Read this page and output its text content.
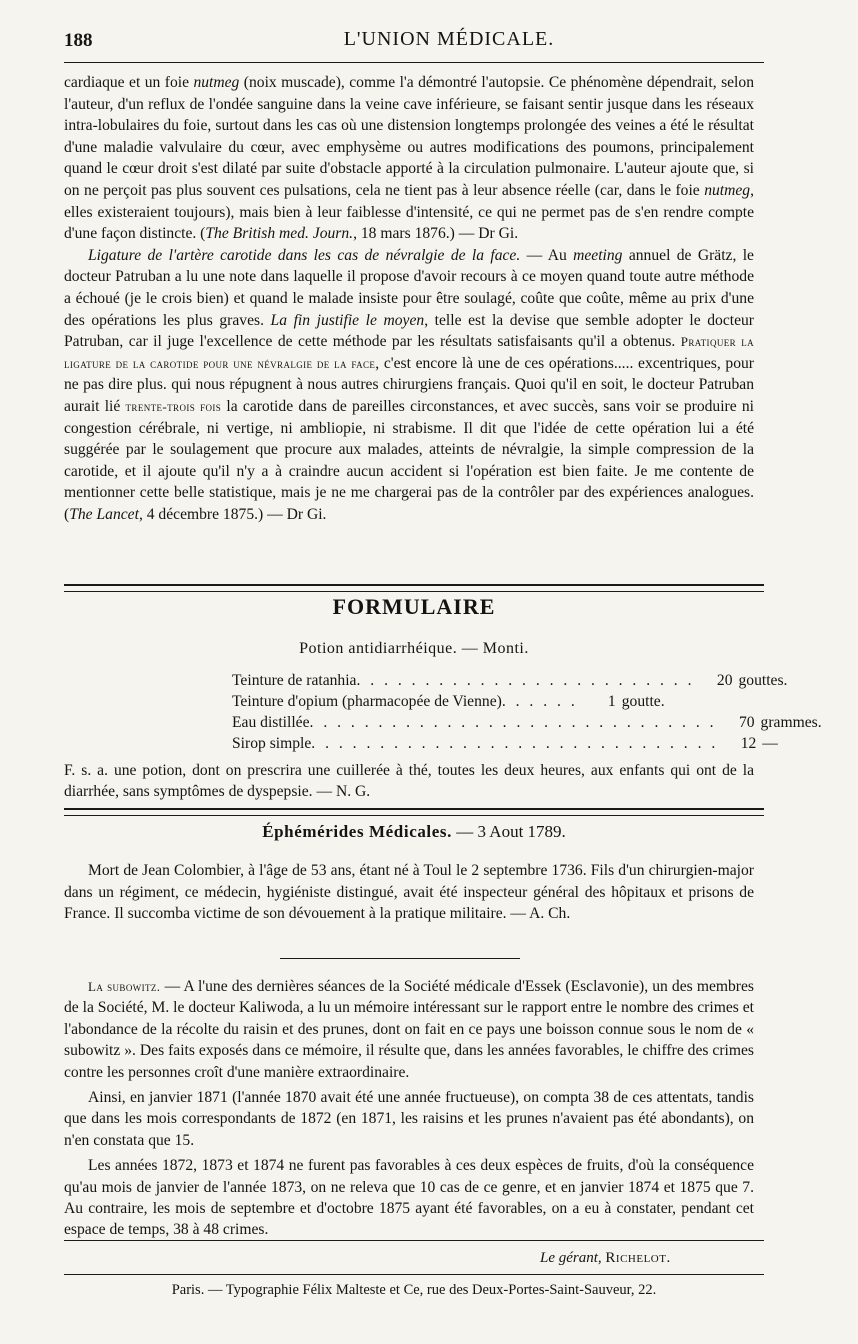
188	L'UNION MÉDICALE.

cardiaque et un foie nutmeg (noix muscade), comme l'a démontré l'autopsie. Ce phénomène dépendrait, selon l'auteur, d'un reflux de l'ondée sanguine dans la veine cave inférieure, se faisant sentir jusque dans les réseaux intra-lobulaires du foie, surtout dans les cas où une distension longtemps prolongée des veines a été le résultat d'une maladie valvulaire du cœur, avec emphysème ou autres modifications des poumons, principalement quand le cœur droit s'est dilaté par suite d'obstacle apporté à la circulation pulmonaire. L'auteur ajoute que, si on ne perçoit pas plus souvent ces pulsations, cela ne tient pas à leur absence réelle (car, dans le foie nutmeg, elles existeraient toujours), mais bien à leur faiblesse d'intensité, ce qui ne permet pas de s'en rendre compte d'une façon distincte. (The British med. Journ., 18 mars 1876.) — Dr Gi.

Ligature de l'artère carotide dans les cas de névralgie de la face. — Au meeting annuel de Grätz, le docteur Patruban a lu une note dans laquelle il propose d'avoir recours à ce moyen quand toute autre méthode a échoué (je le crois bien) et quand le malade insiste pour être soulagé, coûte que coûte, même au prix d'une des opérations les plus graves. La fin justifie le moyen, telle est la devise que semble adopter le docteur Patruban, car il juge l'excellence de cette méthode par les résultats satisfaisants qu'il a obtenus. Pratiquer la ligature de la carotide pour une névralgie de la face, c'est encore là une de ces opérations..... excentriques, pour ne pas dire plus. qui nous répugnent à nous autres chirurgiens français. Quoi qu'il en soit, le docteur Patruban aurait lié trente-trois fois la carotide dans de pareilles circonstances, et avec succès, sans voir se produire ni congestion cérébrale, ni vertige, ni ambliopie, ni strabisme. Il dit que l'idée de cette opération lui a été suggérée par le soulagement que procure aux malades, atteints de névralgie, la simple compression de la carotide, et il ajoute qu'il n'y a à craindre aucun accident si l'opération est bien faite. Je me contente de mentionner cette belle statistique, mais je ne me chargerai pas de la contrôler par des expériences analogues. (The Lancet, 4 décembre 1875.) — Dr Gi.

FORMULAIRE
Potion antidiarrhéique. — Monti.
Teinture de ratanhia . . . . . . . . . . . . . . . . . . . . . . . . .	20 gouttes.
Teinture d'opium (pharmacopée de Vienne) . . . . . .	1 goutte.
Eau distillée . . . . . . . . . . . . . . . . . . . . . . . . . . . . . .	70 grammes.
Sirop simple . . . . . . . . . . . . . . . . . . . . . . . . . . . . . .	12 —
F. s. a. une potion, dont on prescrira une cuillerée à thé, toutes les deux heures, aux enfants qui ont de la diarrhée, sans symptômes de dyspepsie. — N. G.
Éphémérides Médicales. — 3 Aout 1789.

Mort de Jean Colombier, à l'âge de 53 ans, étant né à Toul le 2 septembre 1736. Fils d'un chirurgien-major dans un régiment, ce médecin, hygiéniste distingué, avait été inspecteur général des hôpitaux et prisons de France. Il succomba victime de son dévouement à la pratique militaire. — A. Ch.

La subowitz. — A l'une des dernières séances de la Société médicale d'Essek (Esclavonie), un des membres de la Société, M. le docteur Kaliwoda, a lu un mémoire intéressant sur le rapport entre le nombre des crimes et l'abondance de la récolte du raisin et des prunes, dont on fait en ce pays une boisson connue sous le nom de « subowitz ». Des faits exposés dans ce mémoire, il résulte que, dans les années favorables, le chiffre des crimes contre les personnes croît d'une manière extraordinaire.

Ainsi, en janvier 1871 (l'année 1870 avait été une année fructueuse), on compta 38 de ces attentats, tandis que dans les mois correspondants de 1872 (en 1871, les raisins et les prunes n'avaient pas été abondants), on n'en constata que 15.

Les années 1872, 1873 et 1874 ne furent pas favorables à ces deux espèces de fruits, d'où la conséquence qu'au mois de janvier de l'année 1873, on ne releva que 10 cas de ce genre, et en janvier 1874 et 1875 que 7. Au contraire, les mois de septembre et d'octobre 1875 ayant été favorables, on a eu à constater, pendant cet espace de temps, 38 à 48 crimes.

Le gérant, Richelot.
Paris. — Typographie Félix Malteste et Ce, rue des Deux-Portes-Saint-Sauveur, 22.
